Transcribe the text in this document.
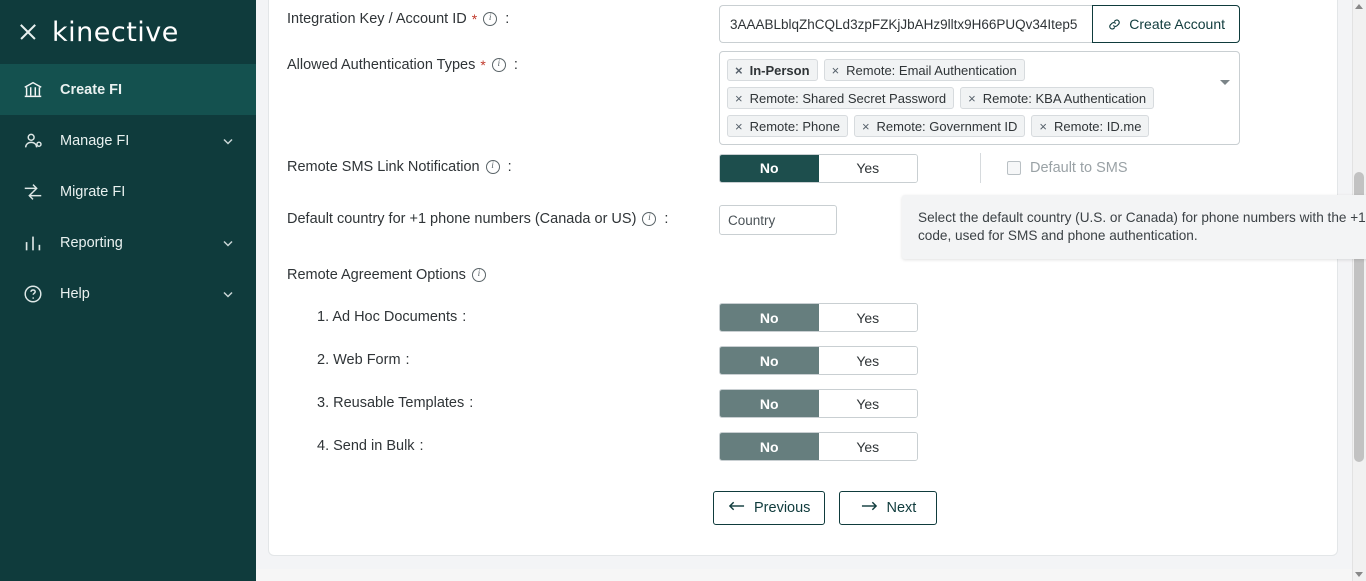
kinective
Create FI
Manage FI
Migrate FI
Reporting
Help
Integration Key / Account ID *	i :
3AAABLblqZhCQLd3zpFZKjJbAHz9lltx9H66PUQv34Itep5	Create Account
Allowed Authentication Types *	i :	× In-Person × Remote: Email Authentication
× Remote: Shared Secret Password × Remote: KBA Authentication
× Remote: Phone × Remote: Government ID × Remote: ID.me
Remote SMS Link Notification	i :	No	Yes	Default to SMS
Default country for +1 phone numbers (Canada or US)	i :	Country
Remote Agreement Options	i
1. Ad Hoc Documents :	No	Yes
2. Web Form :	No	Yes
3. Reusable Templates :	No	Yes
4. Send in Bulk :	No	Yes
Previous	Next
Select the default country (U.S. or Canada) for phone numbers with the +1 code, used for SMS and phone authentication.
